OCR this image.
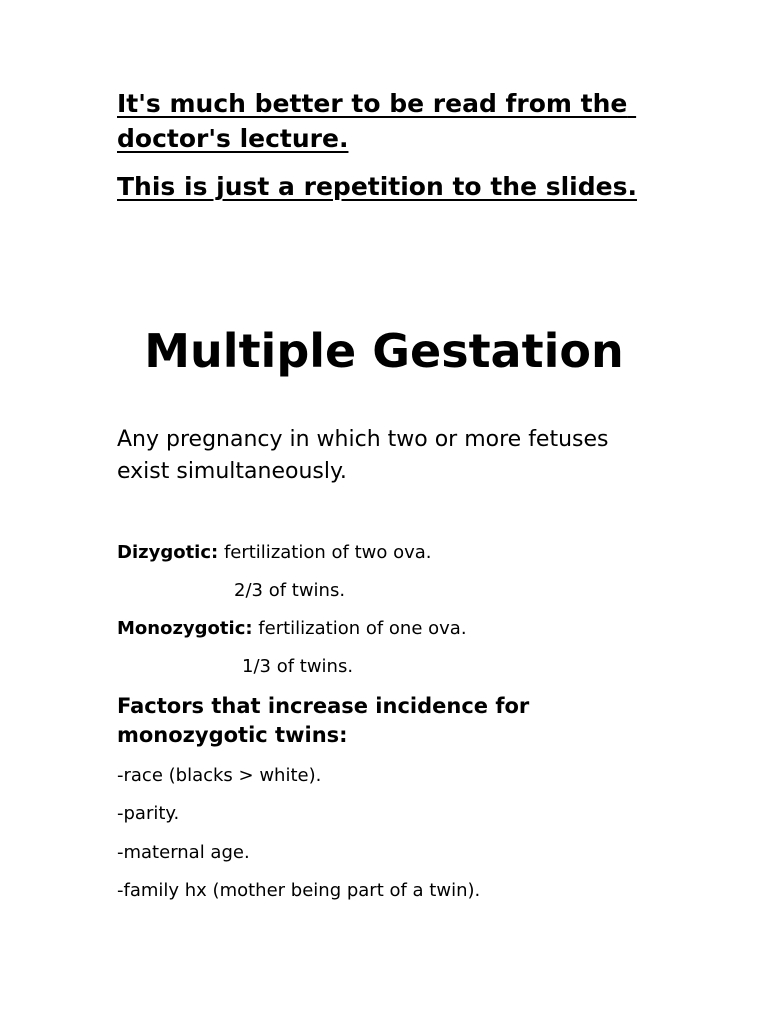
It's much better to be read from the doctor's lecture.

This is just a repetition to the slides.

Multiple Gestation

Any pregnancy in which two or more fetuses exist simultaneously.

Dizygotic: fertilization of two ova.

2/3 of twins.

Monozygotic: fertilization of one ova.

1/3 of twins.

Factors that increase incidence for monozygotic twins:

-race (blacks > white).

-parity.

-maternal age.

-family hx (mother being part of a twin).
